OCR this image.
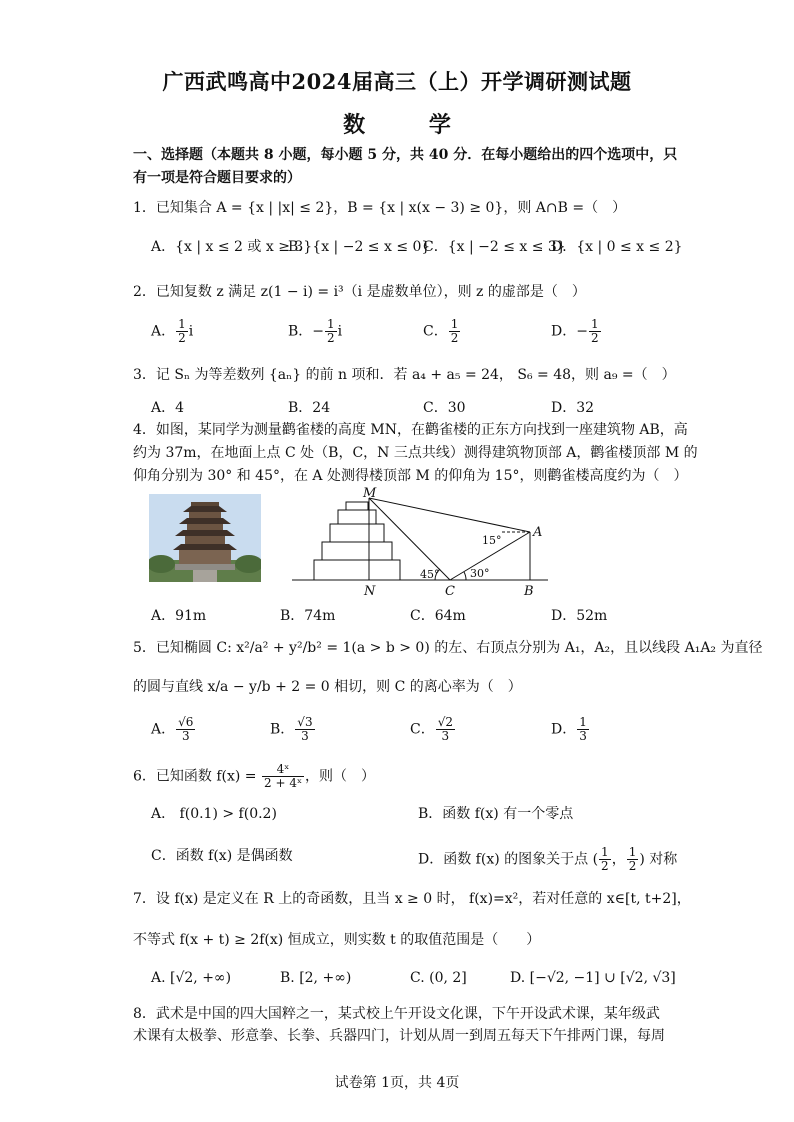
广西武鸣高中2024届高三（上）开学调研测试题
数 学
一、选择题（本题共 8 小题，每小题 5 分，共 40 分．在每小题给出的四个选项中，只
有一项是符合题目要求的）
1．已知集合 A = {x | |x| ≤ 2}，B = {x | x(x − 3) ≥ 0}，则 A∩B =（　）
A．{x | x ≤ 2 或 x ≥ 3}
B．{x | −2 ≤ x ≤ 0}
C．{x | −2 ≤ x ≤ 3}
D．{x | 0 ≤ x ≤ 2}
2．已知复数 z 满足 z(1 − i) = i³（i 是虚数单位），则 z 的虚部是（　）
A． $\frac{1}{2}$ i	B．− $\frac{1}{2}$ i	C． $\frac{1}{2}$	D．− $\frac{1}{2}$
3．记 Sₙ 为等差数列 {aₙ} 的前 n 项和．若 a₄ + a₅ = 24， S₆ = 48，则 a₉ =（　）
A．4	B．24	C．30	D．32
4．如图，某同学为测量鹳雀楼的高度 MN，在鹳雀楼的正东方向找到一座建筑物 AB，高
约为 37m，在地面上点 C 处（B，C，N 三点共线）测得建筑物顶部 A，鹳雀楼顶部 M 的
仰角分别为 30° 和 45°，在 A 处测得楼顶部 M 的仰角为 15°，则鹳雀楼高度约为（　）
M
A
N	C	B
15°
45°	30°
A．91m	B．74m	C．64m	D．52m
5．已知椭圆 C: x²/a² + y²/b² = 1(a > b > 0) 的左、右顶点分别为 A₁，A₂，且以线段 A₁A₂ 为直径
的圆与直线 x/a − y/b + 2 = 0 相切，则 C 的离心率为（　）
A． $\frac{√6}{3}$	B． $\frac{√3}{3}$	C． $\frac{√2}{3}$	D． $\frac{1}{3}$
6．已知函数 $f(x) = \frac{\text{4ˣ}}{\text{2 + 4ˣ}}$ ，则（　）
A． f(0.1) > f(0.2)	B．函数 f(x) 有一个零点
C．函数 f(x) 是偶函数	D．函数 f(x) 的图象关于点 ( $\frac{1}{2}$ ， $\frac{1}{2}$ ) 对称
7．设 f(x) 是定义在 R 上的奇函数，且当 x ≥ 0 时， f(x)=x²，若对任意的 x∈[t, t+2]，
不等式 f(x + t) ≥ 2f(x) 恒成立，则实数 t 的取值范围是（　　）
A. [√2, +∞)	B. [2, +∞)	C. (0, 2]	D. [−√2, −1] ∪ [√2, √3]
8．武术是中国的四大国粹之一，某式校上午开设文化课，下午开设武术课，某年级武
术课有太极拳、形意拳、长拳、兵器四门，计划从周一到周五每天下午排两门课，每周
试卷第 1页，共 4页
